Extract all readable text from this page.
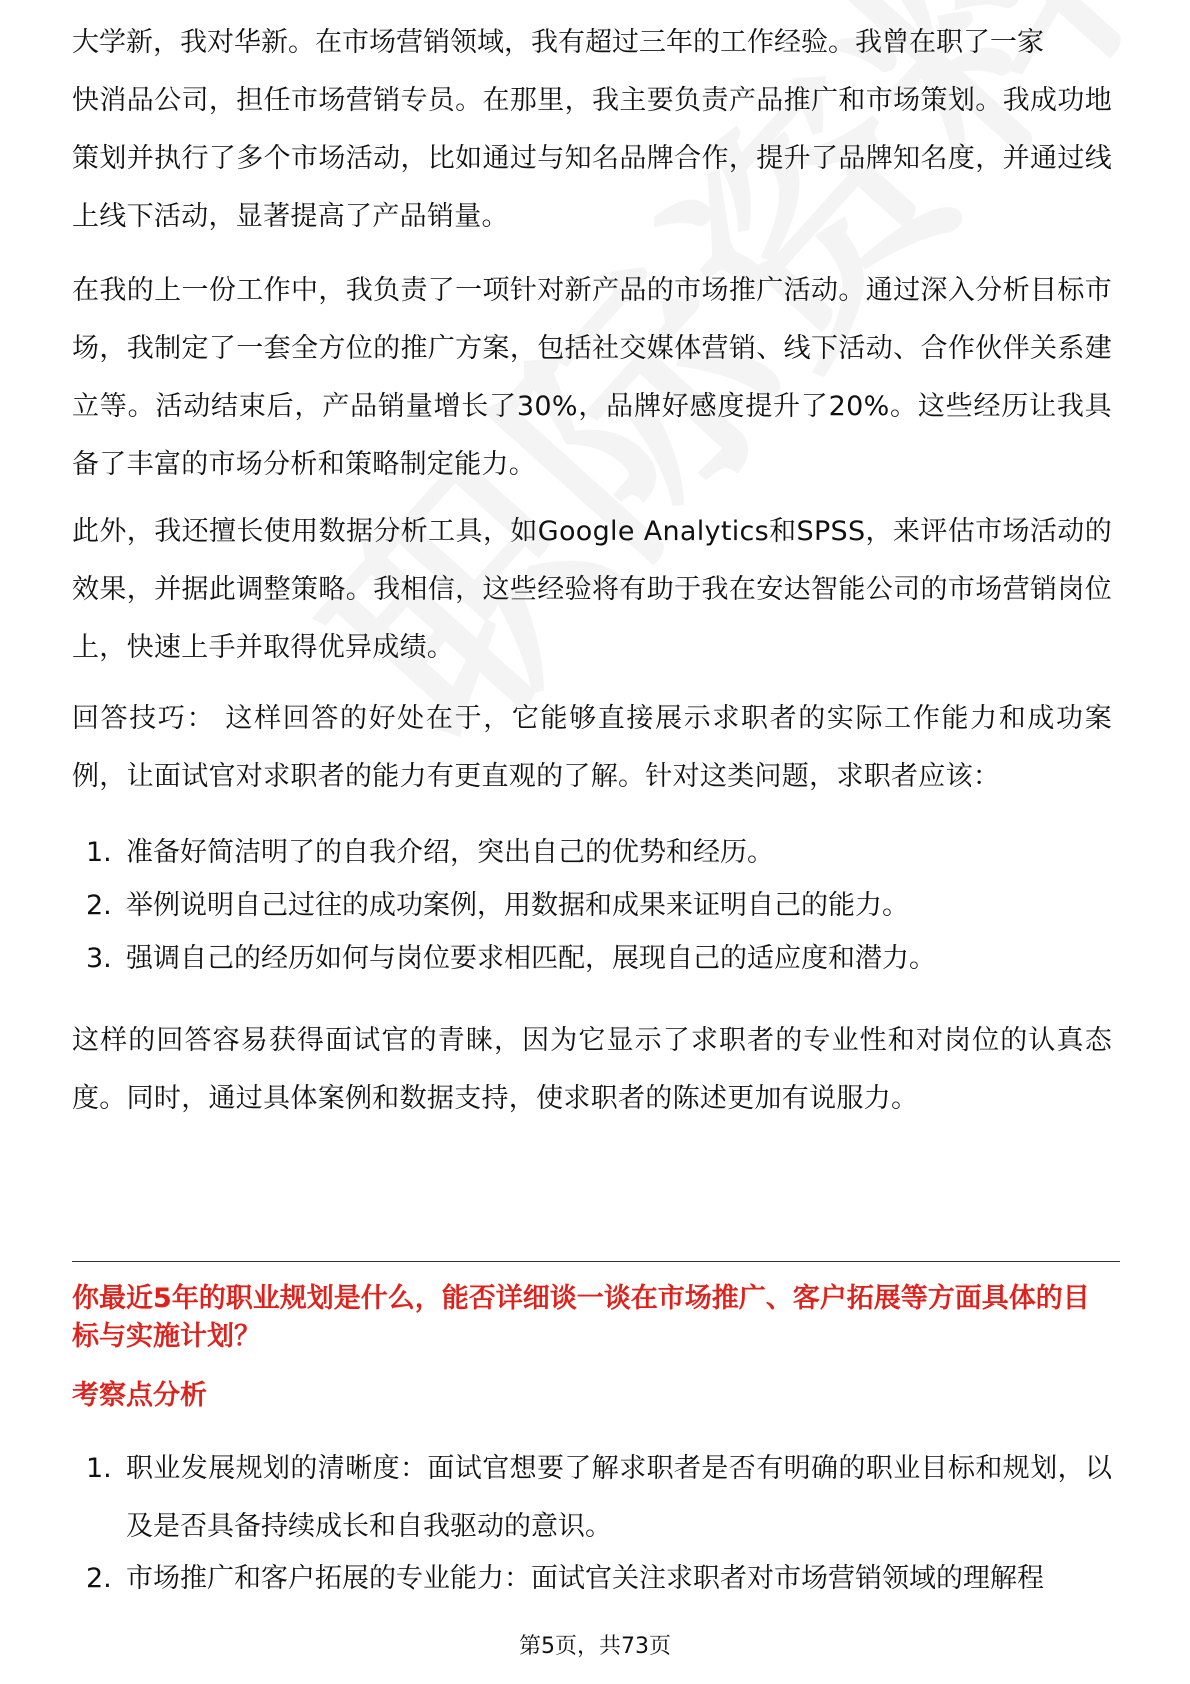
大学新，我对华新。在市场营销领域，我有超过三年的工作经验。我曾在职了一家

快消品公司，担任市场营销专员。在那里，我主要负责产品推广和市场策划。我成功地策划并执行了多个市场活动，比如通过与知名品牌合作，提升了品牌知名度，并通过线上线下活动，显著提高了产品销量。

在我的上一份工作中，我负责了一项针对新产品的市场推广活动。通过深入分析目标市场，我制定了一套全方位的推广方案，包括社交媒体营销、线下活动、合作伙伴关系建立等。活动结束后，产品销量增长了30%，品牌好感度提升了20%。这些经历让我具备了丰富的市场分析和策略制定能力。

此外，我还擅长使用数据分析工具，如Google Analytics和SPSS，来评估市场活动的效果，并据此调整策略。我相信，这些经验将有助于我在安达智能公司的市场营销岗位上，快速上手并取得优异成绩。

回答技巧： 这样回答的好处在于，它能够直接展示求职者的实际工作能力和成功案例，让面试官对求职者的能力有更直观的了解。针对这类问题，求职者应该：

1. 准备好简洁明了的自我介绍，突出自己的优势和经历。
2. 举例说明自己过往的成功案例，用数据和成果来证明自己的能力。
3. 强调自己的经历如何与岗位要求相匹配，展现自己的适应度和潜力。

这样的回答容易获得面试官的青睐，因为它显示了求职者的专业性和对岗位的认真态度。同时，通过具体案例和数据支持，使求职者的陈述更加有说服力。

你最近5年的职业规划是什么，能否详细谈一谈在市场推广、客户拓展等方面具体的目标与实施计划？
考察点分析
1. 职业发展规划的清晰度：面试官想要了解求职者是否有明确的职业目标和规划，以及是否具备持续成长和自我驱动的意识。
2. 市场推广和客户拓展的专业能力：面试官关注求职者对市场营销领域的理解程
第5页，共73页
